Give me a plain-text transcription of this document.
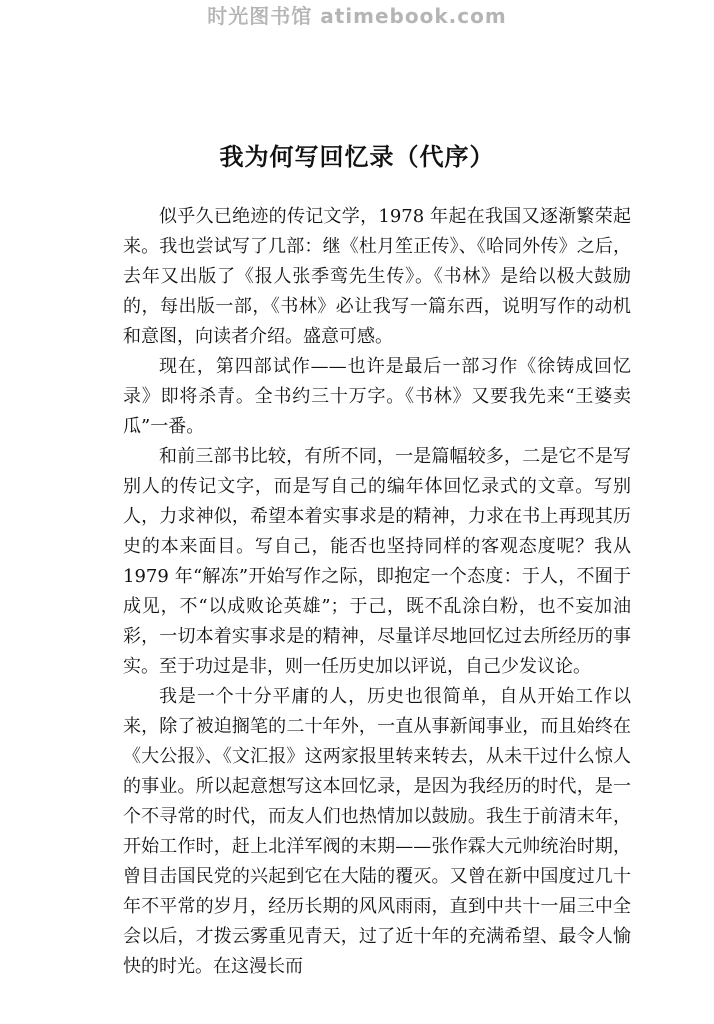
时光图书馆 atimebook.com
我为何写回忆录（代序）

似乎久已绝迹的传记文学，1978 年起在我国又逐渐繁荣起来。我也尝试写了几部：继《杜月笙正传》、《哈同外传》之后，去年又出版了《报人张季鸾先生传》。《书林》是给以极大鼓励的，每出版一部，《书林》必让我写一篇东西，说明写作的动机和意图，向读者介绍。盛意可感。

现在，第四部试作——也许是最后一部习作《徐铸成回忆录》即将杀青。全书约三十万字。《书林》又要我先来“王婆卖瓜”一番。

和前三部书比较，有所不同，一是篇幅较多，二是它不是写别人的传记文字，而是写自己的编年体回忆录式的文章。写别人，力求神似，希望本着实事求是的精神，力求在书上再现其历史的本来面目。写自己，能否也坚持同样的客观态度呢？我从 1979 年“解冻”开始写作之际，即抱定一个态度：于人，不囿于成见，不“以成败论英雄”；于己，既不乱涂白粉，也不妄加油彩，一切本着实事求是的精神，尽量详尽地回忆过去所经历的事实。至于功过是非，则一任历史加以评说，自己少发议论。

我是一个十分平庸的人，历史也很简单，自从开始工作以来，除了被迫搁笔的二十年外，一直从事新闻事业，而且始终在《大公报》、《文汇报》这两家报里转来转去，从未干过什么惊人的事业。所以起意想写这本回忆录，是因为我经历的时代，是一个不寻常的时代，而友人们也热情加以鼓励。我生于前清末年，开始工作时，赶上北洋军阀的末期——张作霖大元帅统治时期，曾目击国民党的兴起到它在大陆的覆灭。又曾在新中国度过几十年不平常的岁月，经历长期的风风雨雨，直到中共十一届三中全会以后，才拨云雾重见青天，过了近十年的充满希望、最令人愉快的时光。在这漫长而
